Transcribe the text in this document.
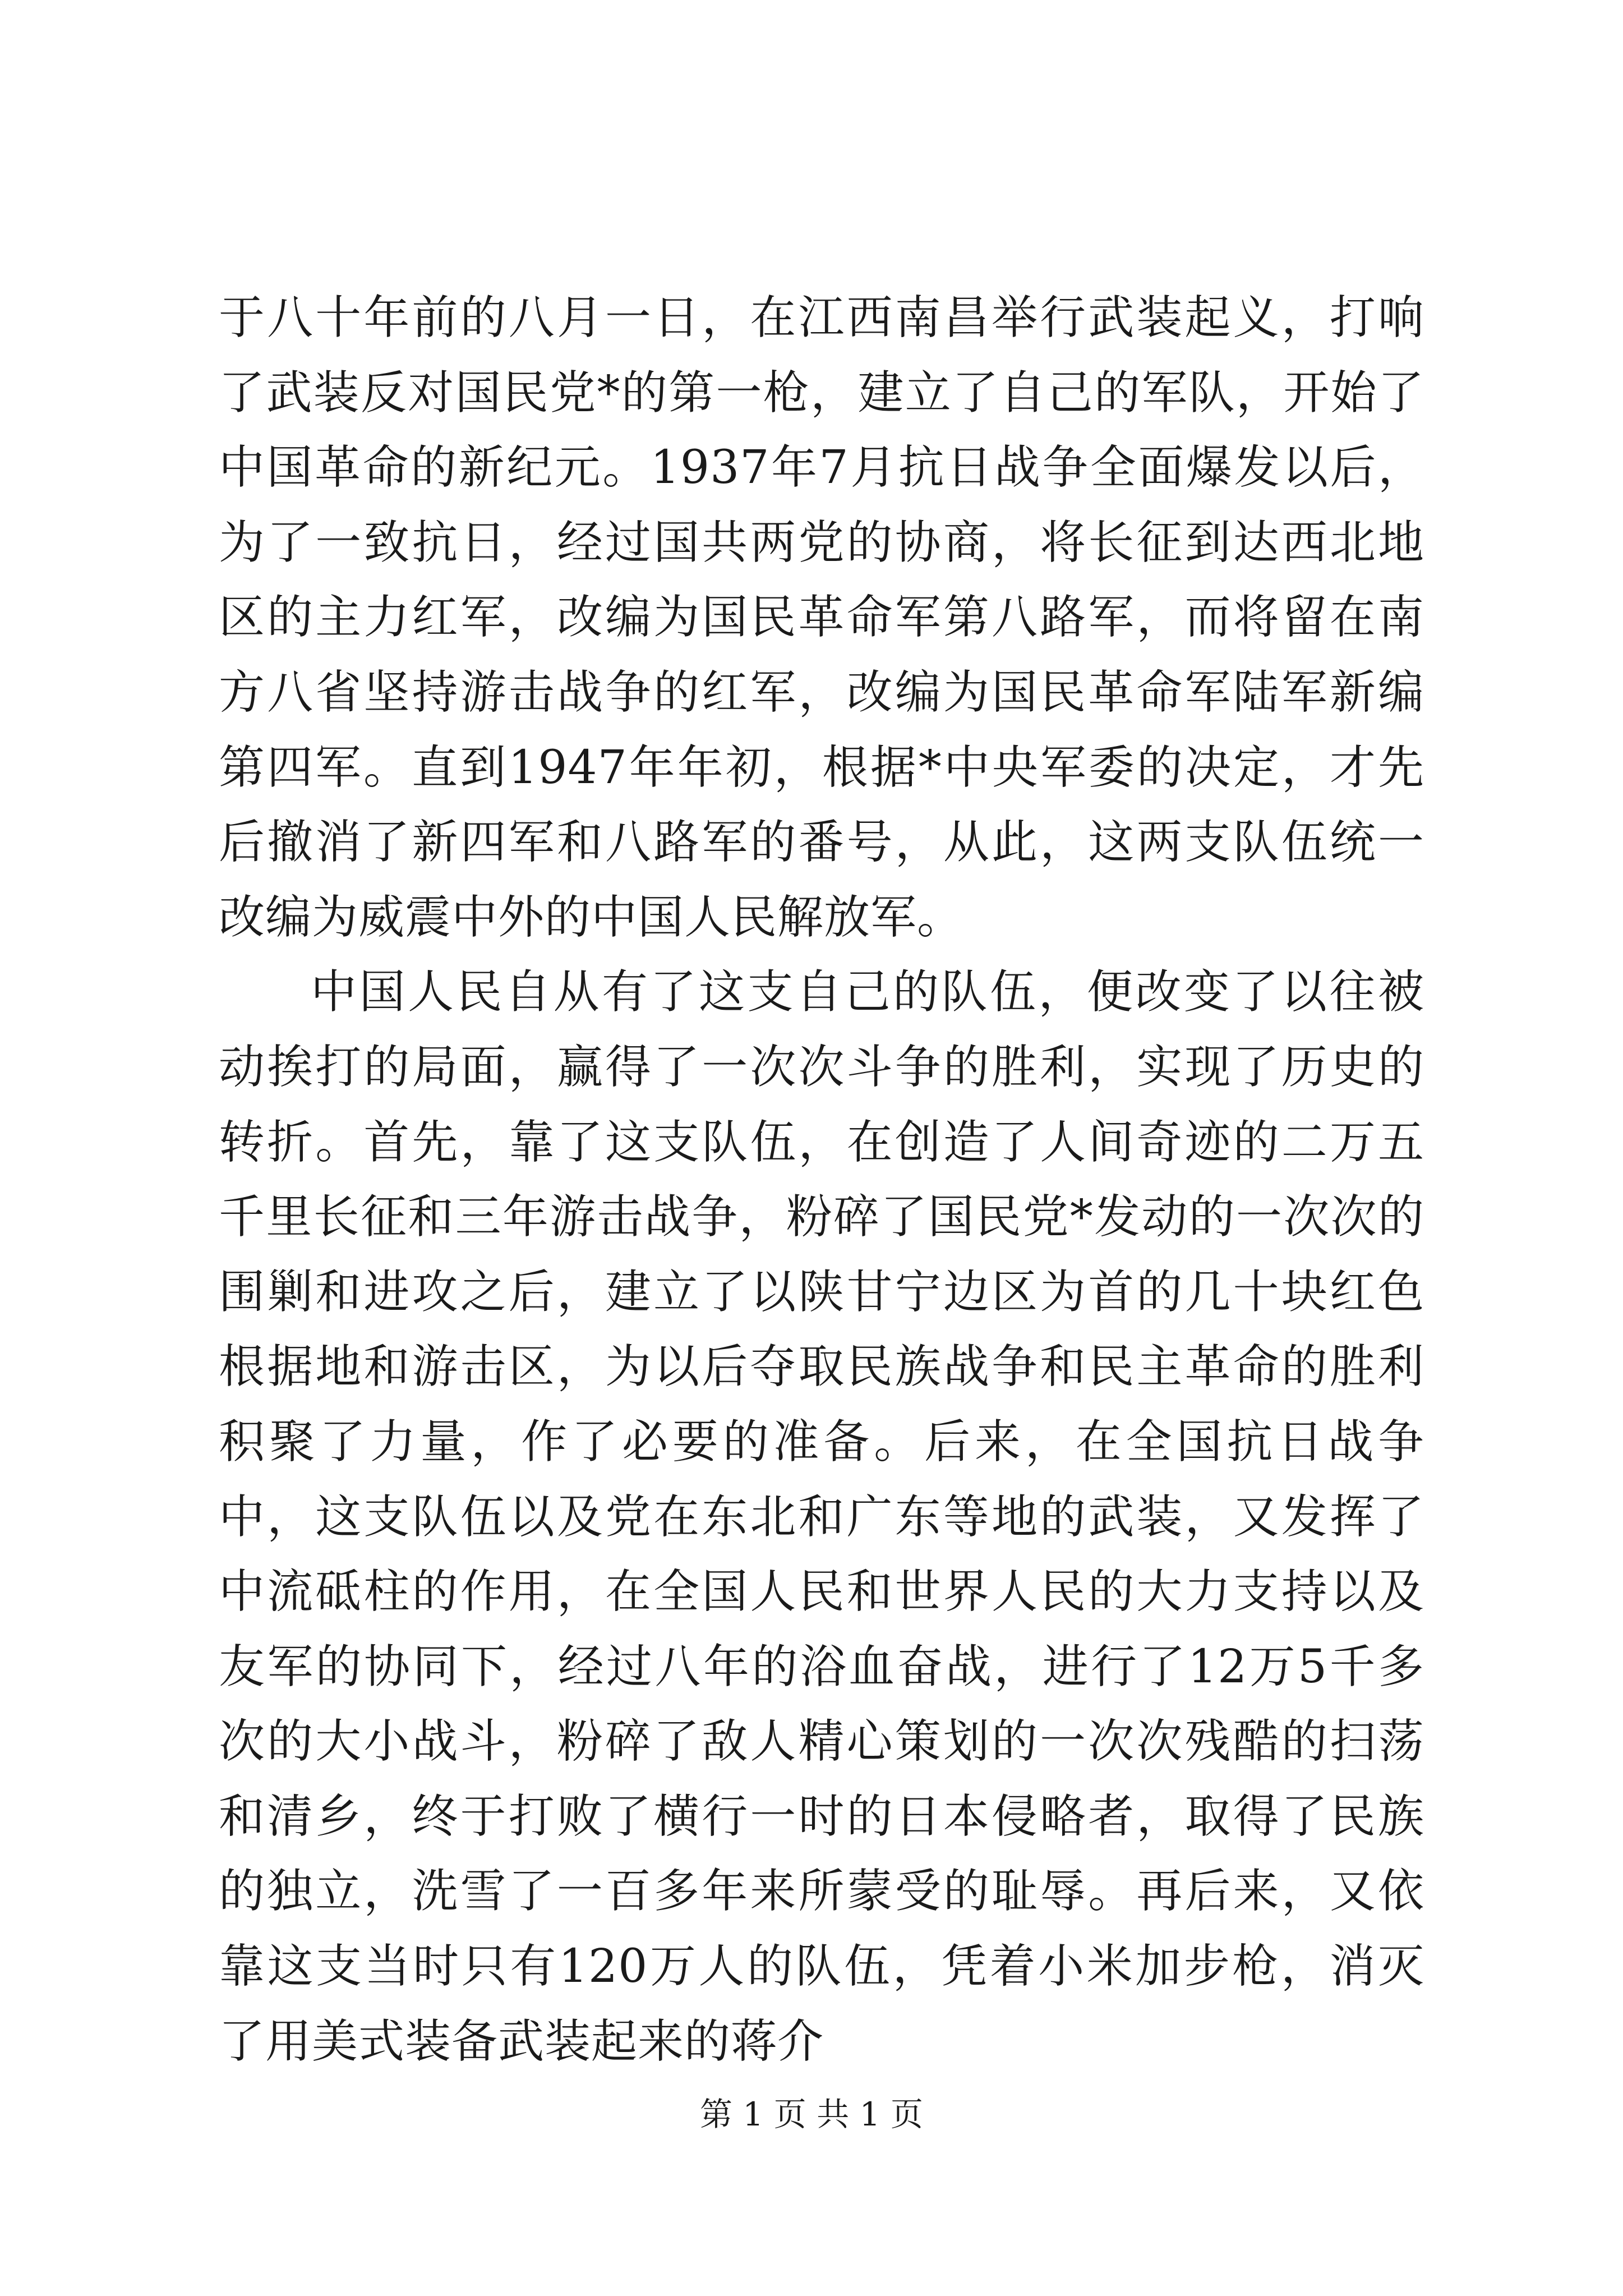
于八十年前的八月一日，在江西南昌举行武装起义，打响了武装反对国民党*的第一枪，建立了自己的军队，开始了中国革命的新纪元。1937年7月抗日战争全面爆发以后，为了一致抗日，经过国共两党的协商，将长征到达西北地区的主力红军，改编为国民革命军第八路军，而将留在南方八省坚持游击战争的红军，改编为国民革命军陆军新编第四军。直到1947年年初，根据*中央军委的决定，才先后撤消了新四军和八路军的番号，从此，这两支队伍统一改编为威震中外的中国人民解放军。

中国人民自从有了这支自己的队伍，便改变了以往被动挨打的局面，赢得了一次次斗争的胜利，实现了历史的转折。首先，靠了这支队伍，在创造了人间奇迹的二万五千里长征和三年游击战争，粉碎了国民党*发动的一次次的围剿和进攻之后，建立了以陕甘宁边区为首的几十块红色根据地和游击区，为以后夺取民族战争和民主革命的胜利积聚了力量，作了必要的准备。后来，在全国抗日战争中，这支队伍以及党在东北和广东等地的武装，又发挥了中流砥柱的作用，在全国人民和世界人民的大力支持以及友军的协同下，经过八年的浴血奋战，进行了12万5千多次的大小战斗，粉碎了敌人精心策划的一次次残酷的扫荡和清乡，终于打败了横行一时的日本侵略者，取得了民族的独立，洗雪了一百多年来所蒙受的耻辱。再后来，又依靠这支当时只有120万人的队伍，凭着小米加步枪，消灭了用美式装备武装起来的蒋介

第 1 页 共 1 页
